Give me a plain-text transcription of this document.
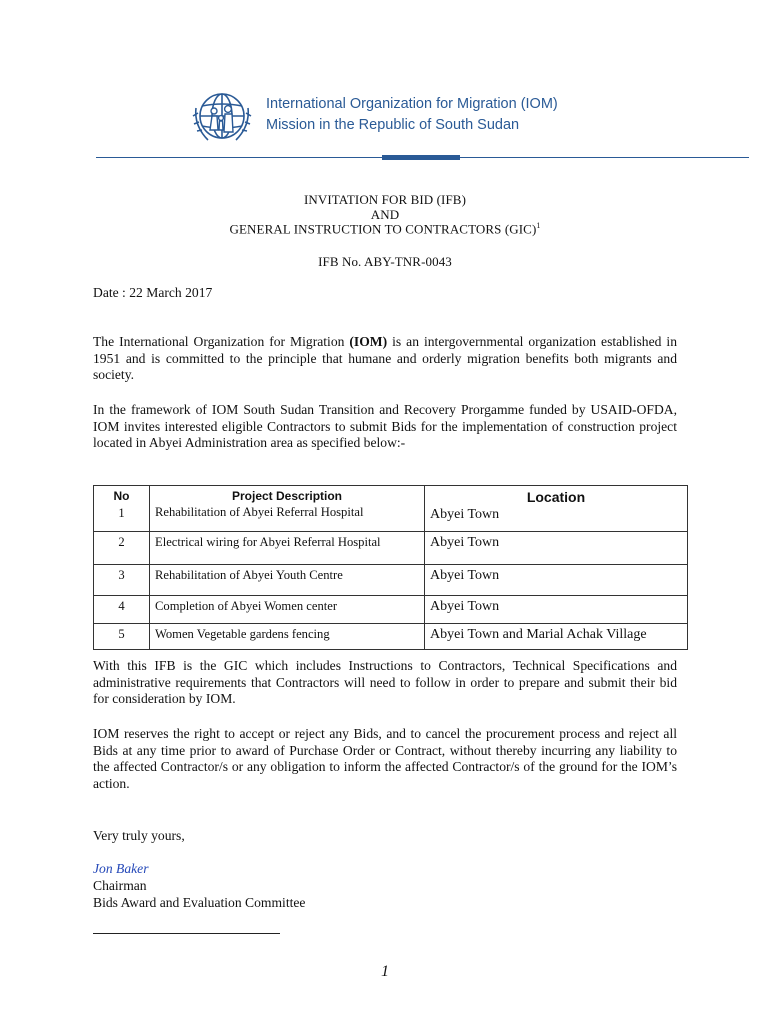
International Organization for Migration (IOM)
Mission in the Republic of South Sudan
INVITATION FOR BID (IFB)
AND
GENERAL INSTRUCTION TO CONTRACTORS (GIC)$^1$
IFB No. ABY-TNR-0043
Date : 22 March 2017
The International Organization for Migration (IOM) is an intergovernmental organization established in 1951 and is committed to the principle that humane and orderly migration benefits both migrants and society.
In the framework of IOM South Sudan Transition and Recovery Prorgamme funded by USAID-OFDA, IOM invites interested eligible Contractors to submit Bids for the implementation of construction project located in Abyei Administration area as specified below:-
No	Project Description	Location
1	Rehabilitation of Abyei Referral Hospital	Abyei Town
2	Electrical wiring for Abyei Referral Hospital	Abyei Town
3	Rehabilitation of Abyei Youth Centre	Abyei Town
4	Completion of Abyei Women center	Abyei Town
5	Women Vegetable gardens fencing	Abyei Town and Marial Achak Village
With this IFB is the GIC which includes Instructions to Contractors, Technical Specifications and administrative requirements that Contractors will need to follow in order to prepare and submit their bid for consideration by IOM.
IOM reserves the right to accept or reject any Bids, and to cancel the procurement process and reject all Bids at any time prior to award of Purchase Order or Contract, without thereby incurring any liability to the affected Contractor/s or any obligation to inform the affected Contractor/s of the ground for the IOM’s action.
Very truly yours,
Jon Baker
Chairman
Bids Award and Evaluation Committee
1
